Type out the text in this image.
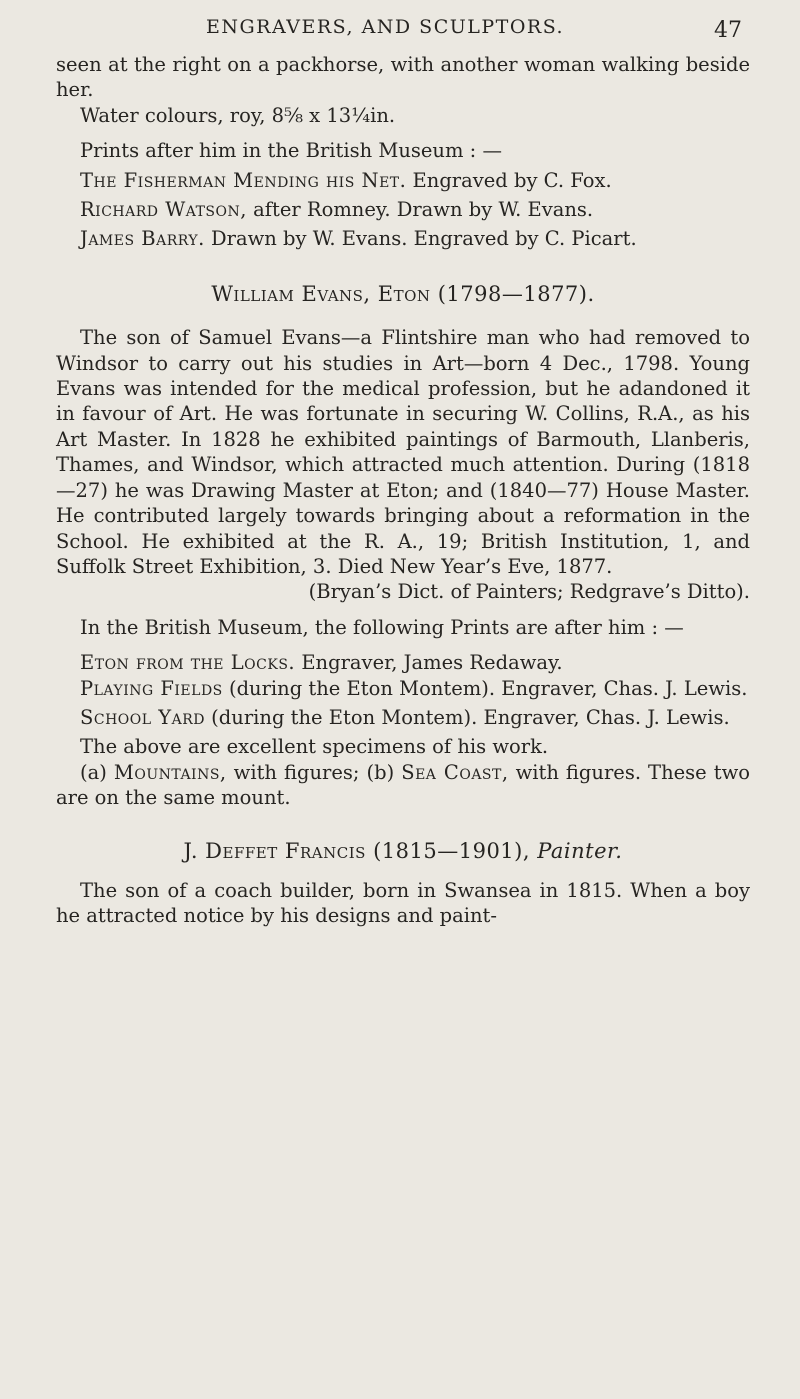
ENGRAVERS, AND SCULPTORS.	47

seen at the right on a packhorse, with another woman walking beside her.

Water colours, roy, 8⅝ x 13¼in.

Prints after him in the British Museum : —

The Fisherman Mending his Net. Engraved by C. Fox.

Richard Watson, after Romney. Drawn by W. Evans.

James Barry. Drawn by W. Evans. Engraved by C. Picart.

William Evans, Eton (1798—1877).

The son of Samuel Evans—a Flintshire man who had removed to Windsor to carry out his studies in Art—born 4 Dec., 1798. Young Evans was intended for the medical profession, but he adandoned it in favour of Art. He was fortunate in securing W. Collins, R.A., as his Art Master. In 1828 he exhibited paintings of Barmouth, Llanberis, Thames, and Windsor, which attracted much attention. During (1818—27) he was Drawing Master at Eton; and (1840—77) House Master. He contributed largely towards bringing about a reformation in the School. He exhibited at the R. A., 19; British Institution, 1, and Suffolk Street Exhibition, 3. Died New Year’s Eve, 1877.

(Bryan’s Dict. of Painters; Redgrave’s Ditto).

In the British Museum, the following Prints are after him : —

Eton from the Locks. Engraver, James Redaway.

Playing Fields (during the Eton Montem). Engraver, Chas. J. Lewis.

School Yard (during the Eton Montem). Engraver, Chas. J. Lewis.

The above are excellent specimens of his work.

(a) Mountains, with figures; (b) Sea Coast, with figures. These two are on the same mount.

J. Deffet Francis (1815—1901), Painter.

The son of a coach builder, born in Swansea in 1815. When a boy he attracted notice by his designs and paint-
